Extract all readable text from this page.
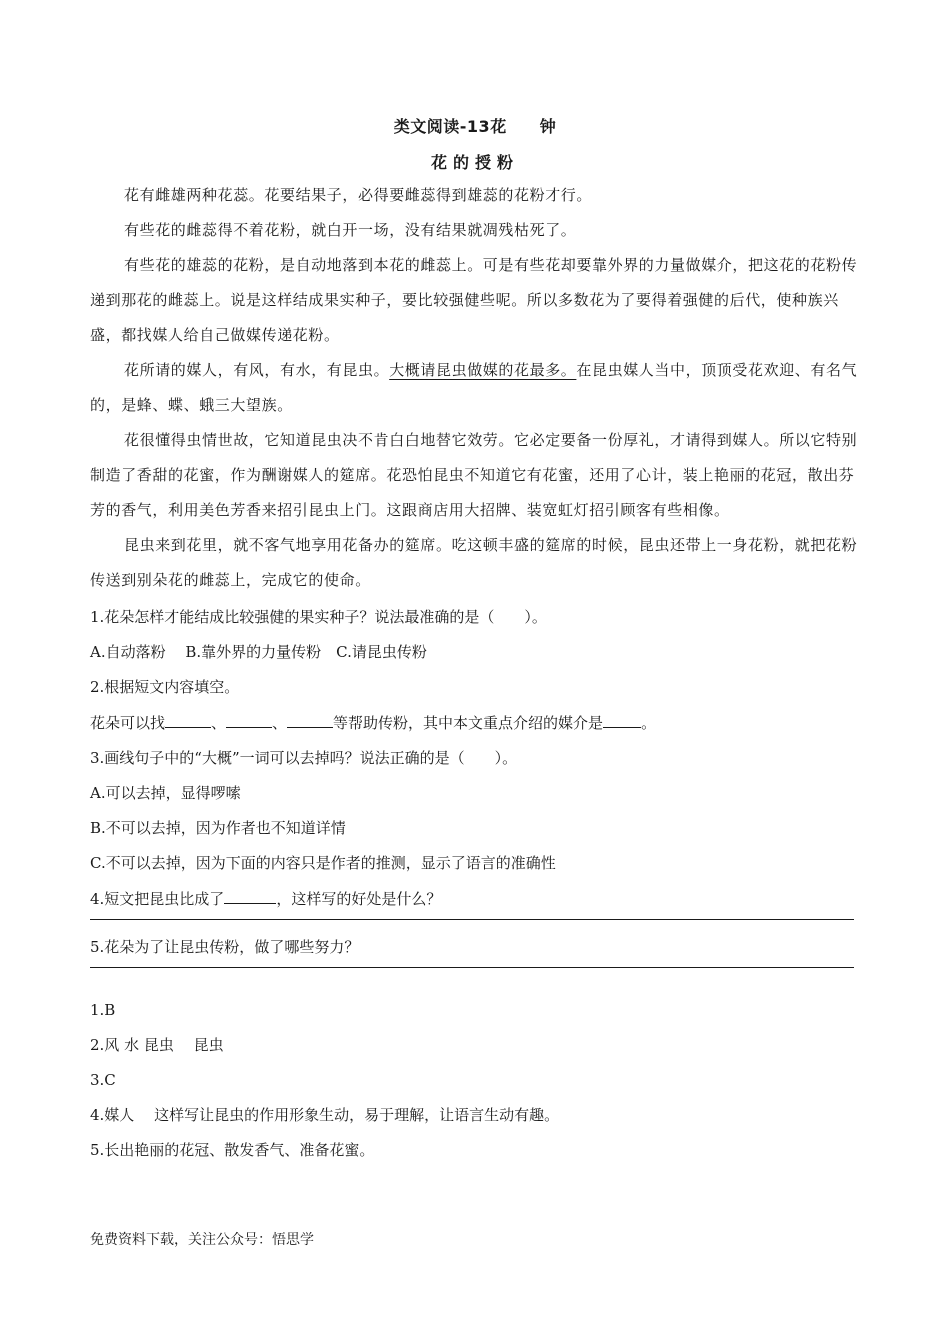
类文阅读-13花　　钟
花的授粉

花有雌雄两种花蕊。花要结果子，必得要雌蕊得到雄蕊的花粉才行。

有些花的雌蕊得不着花粉，就白开一场，没有结果就凋残枯死了。

有些花的雄蕊的花粉，是自动地落到本花的雌蕊上。可是有些花却要靠外界的力量做媒介，把这花的花粉传递到那花的雌蕊上。说是这样结成果实种子，要比较强健些呢。所以多数花为了要得着强健的后代，使种族兴盛，都找媒人给自己做媒传递花粉。

花所请的媒人，有风，有水，有昆虫。大概请昆虫做媒的花最多。在昆虫媒人当中，顶顶受花欢迎、有名气的，是蜂、蝶、蛾三大望族。

花很懂得虫情世故，它知道昆虫决不肯白白地替它效劳。它必定要备一份厚礼，才请得到媒人。所以它特别制造了香甜的花蜜，作为酬谢媒人的筵席。花恐怕昆虫不知道它有花蜜，还用了心计，装上艳丽的花冠，散出芬芳的香气，利用美色芳香来招引昆虫上门。这跟商店用大招牌、装宽虹灯招引顾客有些相像。

昆虫来到花里，就不客气地享用花备办的筵席。吃这顿丰盛的筵席的时候，昆虫还带上一身花粉，就把花粉传送到别朵花的雌蕊上，完成它的使命。

1.花朵怎样才能结成比较强健的果实种子？说法最准确的是（　　）。
A.自动落粉　 B.靠外界的力量传粉　C.请昆虫传粉
2.根据短文内容填空。
花朵可以找	、	、	等帮助传粉，其中本文重点介绍的媒介是	。
3.画线句子中的“大概”一词可以去掉吗？说法正确的是（　　）。
A.可以去掉，显得啰嗦
B.不可以去掉，因为作者也不知道详情
C.不可以去掉，因为下面的内容只是作者的推测，显示了语言的准确性
4.短文把昆虫比成了	，这样写的好处是什么？
5.花朵为了让昆虫传粉，做了哪些努力？
1.B
2.风 水 昆虫　 昆虫
3.C
4.媒人　 这样写让昆虫的作用形象生动，易于理解，让语言生动有趣。
5.长出艳丽的花冠、散发香气、准备花蜜。
免费资料下载，关注公众号：悟思学
